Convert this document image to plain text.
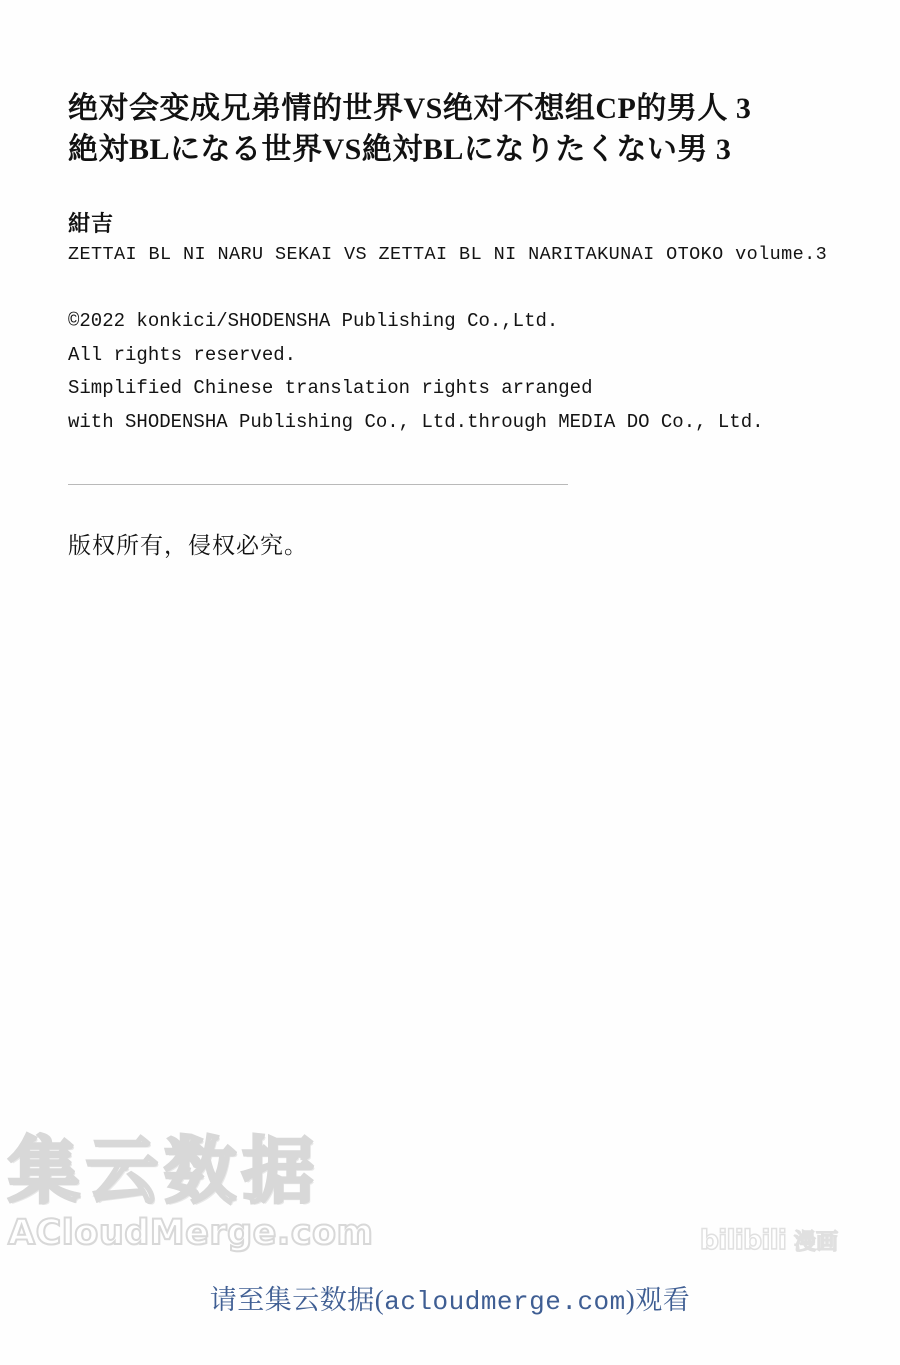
绝对会变成兄弟情的世界VS绝对不想组CP的男人 3
絶対BLになる世界VS絶対BLになりたくない男 3
紺吉
ZETTAI BL NI NARU SEKAI VS ZETTAI BL NI NARITAKUNAI OTOKO volume.3
©2022 konkici/SHODENSHA Publishing Co.,Ltd.
All rights reserved.
Simplified Chinese translation rights arranged
with SHODENSHA Publishing Co., Ltd.through MEDIA DO Co., Ltd.
版权所有，侵权必究。
集云数据
ACloudMerge.com	bilibili 漫画
请至集云数据(acloudmerge.com)观看
